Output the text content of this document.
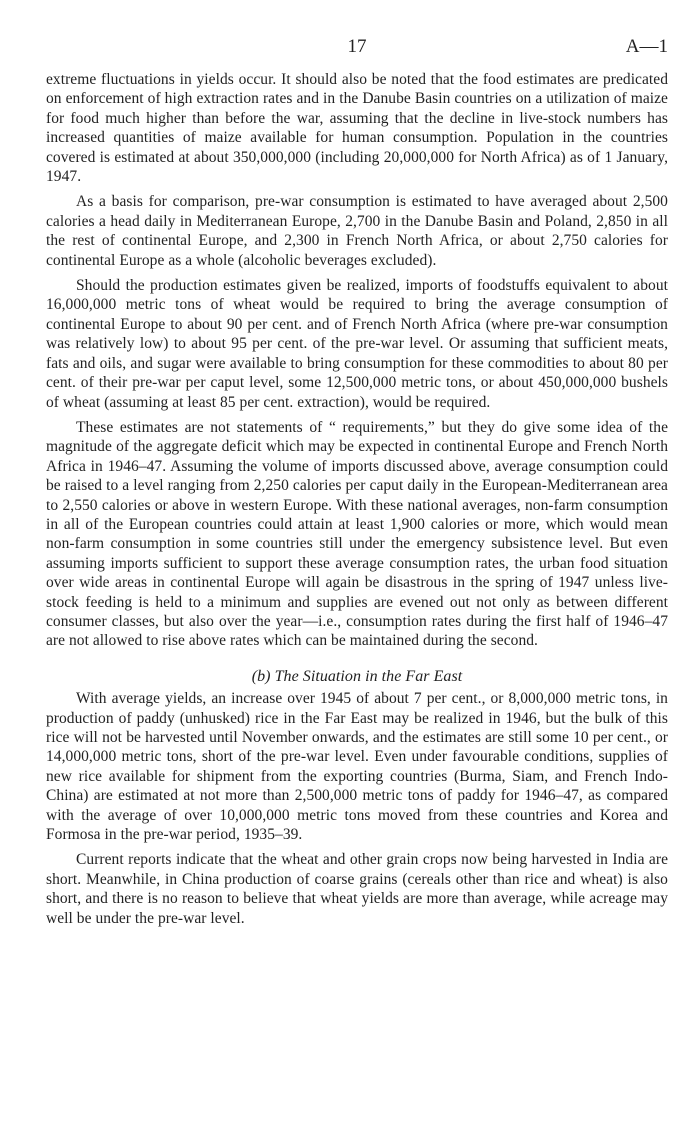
17	A—1

extreme fluctuations in yields occur. It should also be noted that the food estimates are predicated on enforcement of high extraction rates and in the Danube Basin countries on a utilization of maize for food much higher than before the war, assuming that the decline in live-stock numbers has increased quantities of maize available for human consumption. Population in the countries covered is estimated at about 350,000,000 (including 20,000,000 for North Africa) as of 1 January, 1947.

As a basis for comparison, pre-war consumption is estimated to have averaged about 2,500 calories a head daily in Mediterranean Europe, 2,700 in the Danube Basin and Poland, 2,850 in all the rest of continental Europe, and 2,300 in French North Africa, or about 2,750 calories for continental Europe as a whole (alcoholic beverages excluded).

Should the production estimates given be realized, imports of foodstuffs equivalent to about 16,000,000 metric tons of wheat would be required to bring the average consumption of continental Europe to about 90 per cent. and of French North Africa (where pre-war consumption was relatively low) to about 95 per cent. of the pre-war level. Or assuming that sufficient meats, fats and oils, and sugar were available to bring consumption for these commodities to about 80 per cent. of their pre-war per caput level, some 12,500,000 metric tons, or about 450,000,000 bushels of wheat (assuming at least 85 per cent. extraction), would be required.

These estimates are not statements of “ requirements,” but they do give some idea of the magnitude of the aggregate deficit which may be expected in continental Europe and French North Africa in 1946–47. Assuming the volume of imports discussed above, average consumption could be raised to a level ranging from 2,250 calories per caput daily in the European-Mediterranean area to 2,550 calories or above in western Europe. With these national averages, non-farm consumption in all of the European countries could attain at least 1,900 calories or more, which would mean non-farm consumption in some countries still under the emergency subsistence level. But even assuming imports sufficient to support these average consumption rates, the urban food situation over wide areas in continental Europe will again be disastrous in the spring of 1947 unless live-stock feeding is held to a minimum and supplies are evened out not only as between different consumer classes, but also over the year—i.e., consumption rates during the first half of 1946–47 are not allowed to rise above rates which can be maintained during the second.

(b) The Situation in the Far East

With average yields, an increase over 1945 of about 7 per cent., or 8,000,000 metric tons, in production of paddy (unhusked) rice in the Far East may be realized in 1946, but the bulk of this rice will not be harvested until November onwards, and the estimates are still some 10 per cent., or 14,000,000 metric tons, short of the pre-war level. Even under favourable conditions, supplies of new rice available for shipment from the exporting countries (Burma, Siam, and French Indo-China) are estimated at not more than 2,500,000 metric tons of paddy for 1946–47, as compared with the average of over 10,000,000 metric tons moved from these countries and Korea and Formosa in the pre-war period, 1935–39.

Current reports indicate that the wheat and other grain crops now being harvested in India are short. Meanwhile, in China production of coarse grains (cereals other than rice and wheat) is also short, and there is no reason to believe that wheat yields are more than average, while acreage may well be under the pre-war level.
